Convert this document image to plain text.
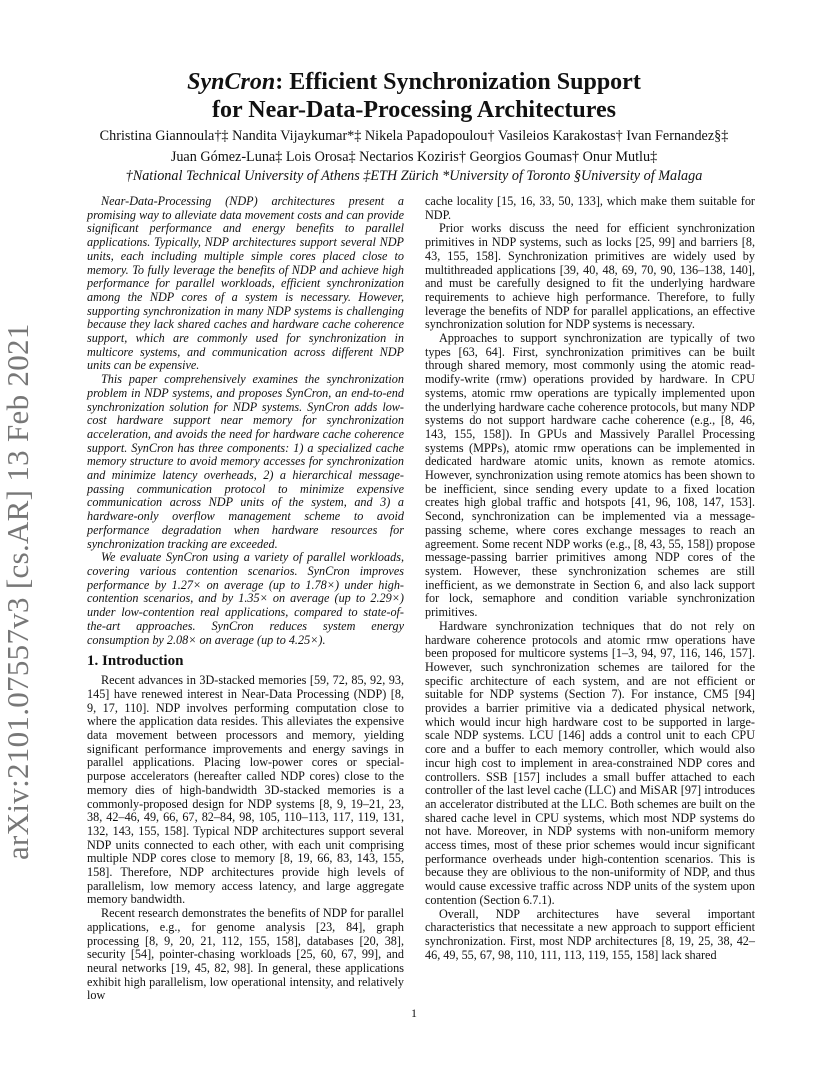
SynCron: Efficient Synchronization Support
for Near-Data-Processing Architectures
Christina Giannoula†‡ Nandita Vijaykumar*‡ Nikela Papadopoulou† Vasileios Karakostas† Ivan Fernandez§‡
Juan Gómez-Luna‡ Lois Orosa‡ Nectarios Koziris† Georgios Goumas† Onur Mutlu‡
†National Technical University of Athens ‡ETH Zürich *University of Toronto §University of Malaga
arXiv:2101.07557v3 [cs.AR] 13 Feb 2021

Near-Data-Processing (NDP) architectures present a promising way to alleviate data movement costs and can provide significant performance and energy benefits to parallel applications. Typically, NDP architectures support several NDP units, each including multiple simple cores placed close to memory. To fully leverage the benefits of NDP and achieve high performance for parallel workloads, efficient synchronization among the NDP cores of a system is necessary. However, supporting synchronization in many NDP systems is challenging because they lack shared caches and hardware cache coherence support, which are commonly used for synchronization in multicore systems, and communication across different NDP units can be expensive.

This paper comprehensively examines the synchronization problem in NDP systems, and proposes SynCron, an end-to-end synchronization solution for NDP systems. SynCron adds low-cost hardware support near memory for synchronization acceleration, and avoids the need for hardware cache coherence support. SynCron has three components: 1) a specialized cache memory structure to avoid memory accesses for synchronization and minimize latency overheads, 2) a hierarchical message-passing communication protocol to minimize expensive communication across NDP units of the system, and 3) a hardware-only overflow management scheme to avoid performance degradation when hardware resources for synchronization tracking are exceeded.

We evaluate SynCron using a variety of parallel workloads, covering various contention scenarios. SynCron improves performance by 1.27× on average (up to 1.78×) under high-contention scenarios, and by 1.35× on average (up to 2.29×) under low-contention real applications, compared to state-of-the-art approaches. SynCron reduces system energy consumption by 2.08× on average (up to 4.25×).

1. Introduction

Recent advances in 3D-stacked memories [59, 72, 85, 92, 93, 145] have renewed interest in Near-Data Processing (NDP) [8, 9, 17, 110]. NDP involves performing computation close to where the application data resides. This alleviates the expensive data movement between processors and memory, yielding significant performance improvements and energy savings in parallel applications. Placing low-power cores or special-purpose accelerators (hereafter called NDP cores) close to the memory dies of high-bandwidth 3D-stacked memories is a commonly-proposed design for NDP systems [8, 9, 19–21, 23, 38, 42–46, 49, 66, 67, 82–84, 98, 105, 110–113, 117, 119, 131, 132, 143, 155, 158]. Typical NDP architectures support several NDP units connected to each other, with each unit comprising multiple NDP cores close to memory [8, 19, 66, 83, 143, 155, 158]. Therefore, NDP architectures provide high levels of parallelism, low memory access latency, and large aggregate memory bandwidth.

Recent research demonstrates the benefits of NDP for parallel applications, e.g., for genome analysis [23, 84], graph processing [8, 9, 20, 21, 112, 155, 158], databases [20, 38], security [54], pointer-chasing workloads [25, 60, 67, 99], and neural networks [19, 45, 82, 98]. In general, these applications exhibit high parallelism, low operational intensity, and relatively low

cache locality [15, 16, 33, 50, 133], which make them suitable for NDP.

Prior works discuss the need for efficient synchronization primitives in NDP systems, such as locks [25, 99] and barriers [8, 43, 155, 158]. Synchronization primitives are widely used by multithreaded applications [39, 40, 48, 69, 70, 90, 136–138, 140], and must be carefully designed to fit the underlying hardware requirements to achieve high performance. Therefore, to fully leverage the benefits of NDP for parallel applications, an effective synchronization solution for NDP systems is necessary.

Approaches to support synchronization are typically of two types [63, 64]. First, synchronization primitives can be built through shared memory, most commonly using the atomic read-modify-write (rmw) operations provided by hardware. In CPU systems, atomic rmw operations are typically implemented upon the underlying hardware cache coherence protocols, but many NDP systems do not support hardware cache coherence (e.g., [8, 46, 143, 155, 158]). In GPUs and Massively Parallel Processing systems (MPPs), atomic rmw operations can be implemented in dedicated hardware atomic units, known as remote atomics. However, synchronization using remote atomics has been shown to be inefficient, since sending every update to a fixed location creates high global traffic and hotspots [41, 96, 108, 147, 153]. Second, synchronization can be implemented via a message-passing scheme, where cores exchange messages to reach an agreement. Some recent NDP works (e.g., [8, 43, 55, 158]) propose message-passing barrier primitives among NDP cores of the system. However, these synchronization schemes are still inefficient, as we demonstrate in Section 6, and also lack support for lock, semaphore and condition variable synchronization primitives.

Hardware synchronization techniques that do not rely on hardware coherence protocols and atomic rmw operations have been proposed for multicore systems [1–3, 94, 97, 116, 146, 157]. However, such synchronization schemes are tailored for the specific architecture of each system, and are not efficient or suitable for NDP systems (Section 7). For instance, CM5 [94] provides a barrier primitive via a dedicated physical network, which would incur high hardware cost to be supported in large-scale NDP systems. LCU [146] adds a control unit to each CPU core and a buffer to each memory controller, which would also incur high cost to implement in area-constrained NDP cores and controllers. SSB [157] includes a small buffer attached to each controller of the last level cache (LLC) and MiSAR [97] introduces an accelerator distributed at the LLC. Both schemes are built on the shared cache level in CPU systems, which most NDP systems do not have. Moreover, in NDP systems with non-uniform memory access times, most of these prior schemes would incur significant performance overheads under high-contention scenarios. This is because they are oblivious to the non-uniformity of NDP, and thus would cause excessive traffic across NDP units of the system upon contention (Section 6.7.1).

Overall, NDP architectures have several important characteristics that necessitate a new approach to support efficient synchronization. First, most NDP architectures [8, 19, 25, 38, 42–46, 49, 55, 67, 98, 110, 111, 113, 119, 155, 158] lack shared

1
